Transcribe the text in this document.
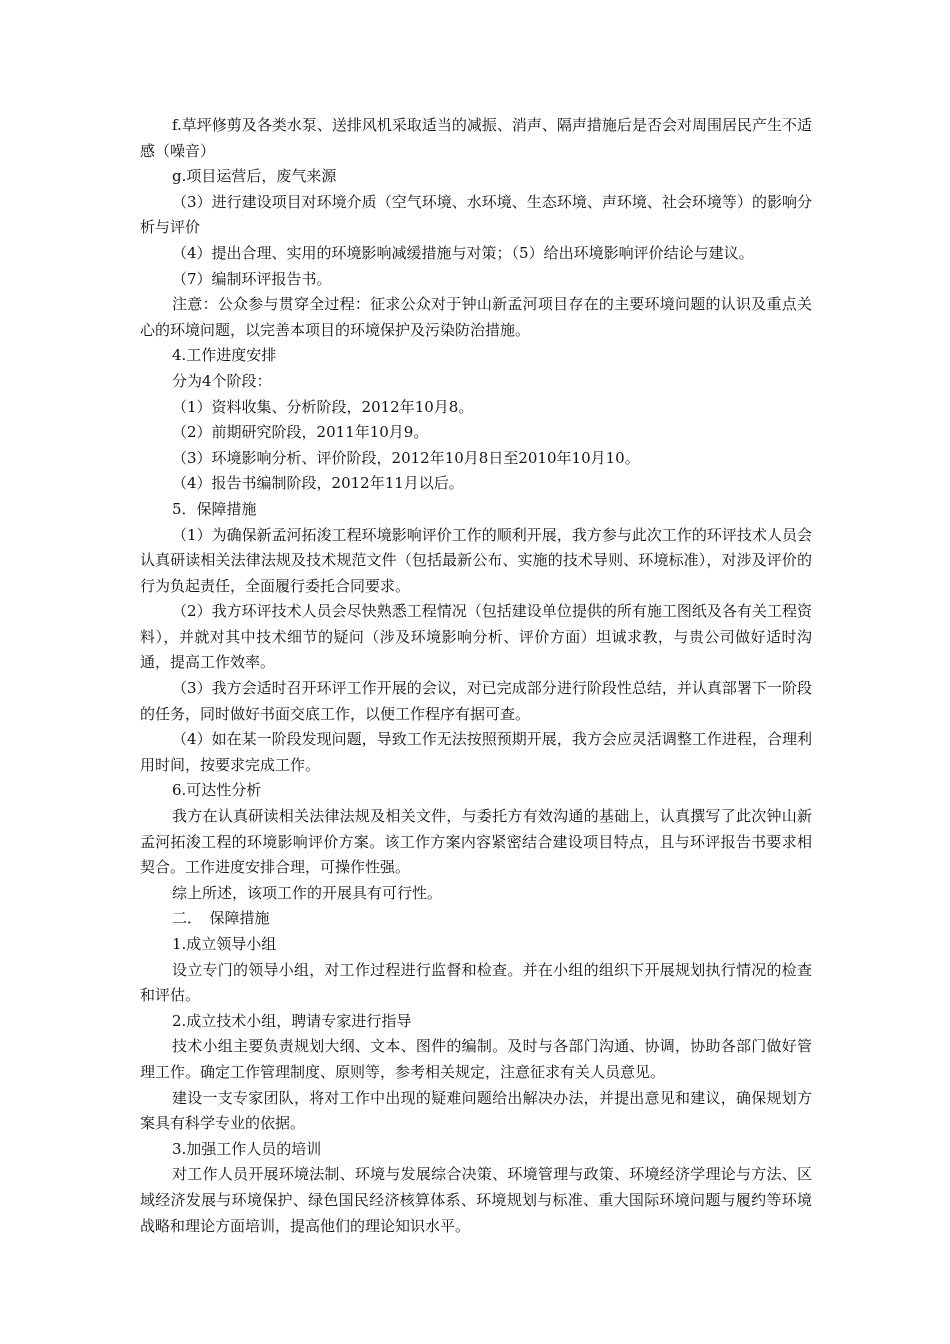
f.草坪修剪及各类水泵、送排风机采取适当的减振、消声、隔声措施后是否会对周围居民产生不适感（噪音）

g.项目运营后，废气来源

（3）进行建设项目对环境介质（空气环境、水环境、生态环境、声环境、社会环境等）的影响分析与评价

（4）提出合理、实用的环境影响减缓措施与对策；（5）给出环境影响评价结论与建议。

（7）编制环评报告书。

注意：公众参与贯穿全过程：征求公众对于钟山新孟河项目存在的主要环境问题的认识及重点关心的环境问题，以完善本项目的环境保护及污染防治措施。

4.工作进度安排

分为4个阶段：

（1）资料收集、分析阶段，2012年10月8。

（2）前期研究阶段，2011年10月9。

（3）环境影响分析、评价阶段，2012年10月8日至2010年10月10。

（4）报告书编制阶段，2012年11月以后。

5．保障措施

（1）为确保新孟河拓浚工程环境影响评价工作的顺利开展，我方参与此次工作的环评技术人员会认真研读相关法律法规及技术规范文件（包括最新公布、实施的技术导则、环境标准），对涉及评价的行为负起责任，全面履行委托合同要求。

（2）我方环评技术人员会尽快熟悉工程情况（包括建设单位提供的所有施工图纸及各有关工程资料），并就对其中技术细节的疑问（涉及环境影响分析、评价方面）坦诚求教，与贵公司做好适时沟通，提高工作效率。

（3）我方会适时召开环评工作开展的会议，对已完成部分进行阶段性总结，并认真部署下一阶段的任务，同时做好书面交底工作，以便工作程序有据可查。

（4）如在某一阶段发现问题，导致工作无法按照预期开展，我方会应灵活调整工作进程，合理利用时间，按要求完成工作。

6.可达性分析

我方在认真研读相关法律法规及相关文件，与委托方有效沟通的基础上，认真撰写了此次钟山新孟河拓浚工程的环境影响评价方案。该工作方案内容紧密结合建设项目特点，且与环评报告书要求相契合。工作进度安排合理，可操作性强。

综上所述，该项工作的开展具有可行性。

二．　保障措施

1.成立领导小组

设立专门的领导小组，对工作过程进行监督和检查。并在小组的组织下开展规划执行情况的检查和评估。

2.成立技术小组，聘请专家进行指导

技术小组主要负责规划大纲、文本、图件的编制。及时与各部门沟通、协调，协助各部门做好管理工作。确定工作管理制度、原则等，参考相关规定，注意征求有关人员意见。

建设一支专家团队，将对工作中出现的疑难问题给出解决办法，并提出意见和建议，确保规划方案具有科学专业的依据。

3.加强工作人员的培训

对工作人员开展环境法制、环境与发展综合决策、环境管理与政策、环境经济学理论与方法、区域经济发展与环境保护、绿色国民经济核算体系、环境规划与标准、重大国际环境问题与履约等环境战略和理论方面培训，提高他们的理论知识水平。
